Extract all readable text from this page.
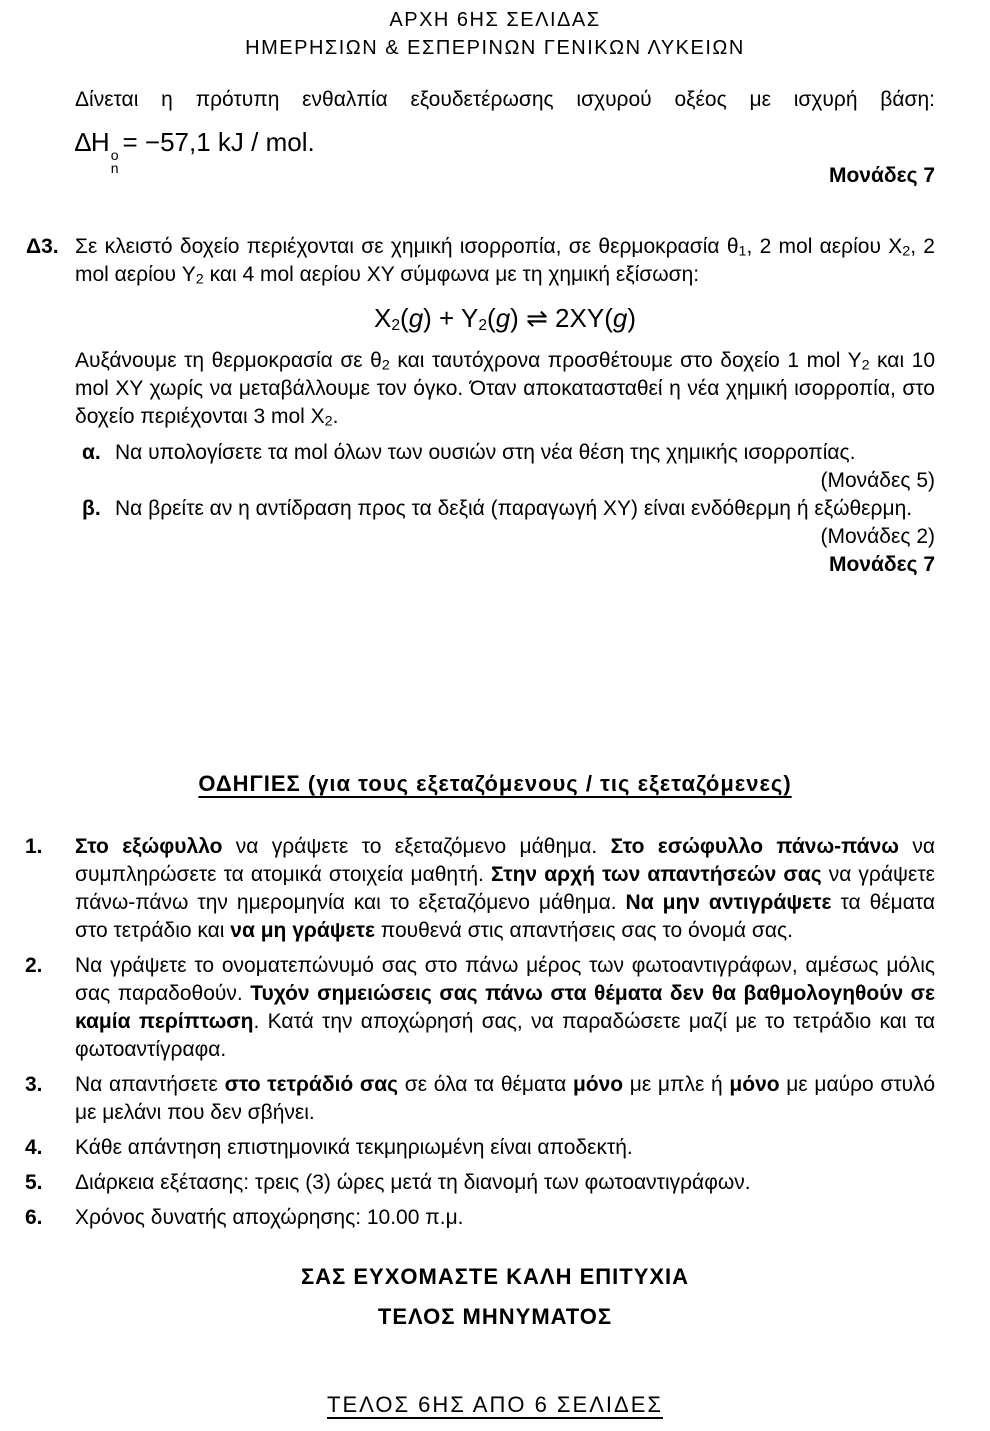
ΑΡΧΗ 6ΗΣ ΣΕΛΙΔΑΣ
ΗΜΕΡΗΣΙΩΝ & ΕΣΠΕΡΙΝΩΝ ΓΕΝΙΚΩΝ ΛΥΚΕΙΩΝ
Δίνεται η πρότυπη ενθαλπία εξουδετέρωσης ισχυρού οξέος με ισχυρή βάση:
∆H o
n
= −57,1 kJ / mol.
Μονάδες 7
Δ3. Σε κλειστό δοχείο περιέχονται σε χημική ισορροπία, σε θερμοκρασία $\theta_1$, 2 mol αερίου $X_2$, 2 mol αερίου $Y_2$ και 4 mol αερίου XY σύμφωνα με τη χημική εξίσωση:
$X_2(g) + Y_2(g)$ ⇌ 2XY(g)
Αυξάνουμε τη θερμοκρασία σε $\theta_2$ και ταυτόχρονα προσθέτουμε στο δοχείο 1 mol $Y_2$ και 10 mol XY χωρίς να μεταβάλλουμε τον όγκο. Όταν αποκατασταθεί η νέα χημική ισορροπία, στο δοχείο περιέχονται 3 mol $X_2$.
α. Να υπολογίσετε τα mol όλων των ουσιών στη νέα θέση της χημικής ισορροπίας.
(Μονάδες 5)
β. Να βρείτε αν η αντίδραση προς τα δεξιά (παραγωγή XY) είναι ενδόθερμη ή εξώθερμη.
(Μονάδες 2)
Μονάδες 7
ΟΔΗΓΙΕΣ (για τους εξεταζόμενους / τις εξεταζόμενες)
1. Στο εξώφυλλο να γράψετε το εξεταζόμενο μάθημα. Στο εσώφυλλο πάνω-πάνω να συμπληρώσετε τα ατομικά στοιχεία μαθητή. Στην αρχή των απαντήσεών σας να γράψετε πάνω-πάνω την ημερομηνία και το εξεταζόμενο μάθημα. Να μην αντιγράψετε τα θέματα στο τετράδιο και να μη γράψετε πουθενά στις απαντήσεις σας το όνομά σας.
2. Να γράψετε το ονοματεπώνυμό σας στο πάνω μέρος των φωτοαντιγράφων, αμέσως μόλις σας παραδοθούν. Τυχόν σημειώσεις σας πάνω στα θέματα δεν θα βαθμολογηθούν σε καμία περίπτωση. Κατά την αποχώρησή σας, να παραδώσετε μαζί με το τετράδιο και τα φωτοαντίγραφα.
3. Να απαντήσετε στο τετράδιό σας σε όλα τα θέματα μόνο με μπλε ή μόνο με μαύρο στυλό με μελάνι που δεν σβήνει.
4. Κάθε απάντηση επιστημονικά τεκμηριωμένη είναι αποδεκτή.
5. Διάρκεια εξέτασης: τρεις (3) ώρες μετά τη διανομή των φωτοαντιγράφων.
6. Χρόνος δυνατής αποχώρησης: 10.00 π.μ.
ΣΑΣ ΕΥΧΟΜΑΣΤΕ ΚΑΛΗ ΕΠΙΤΥΧΙΑ
ΤΕΛΟΣ ΜΗΝΥΜΑΤΟΣ
ΤΕΛΟΣ 6ΗΣ ΑΠΟ 6 ΣΕΛΙΔΕΣ
